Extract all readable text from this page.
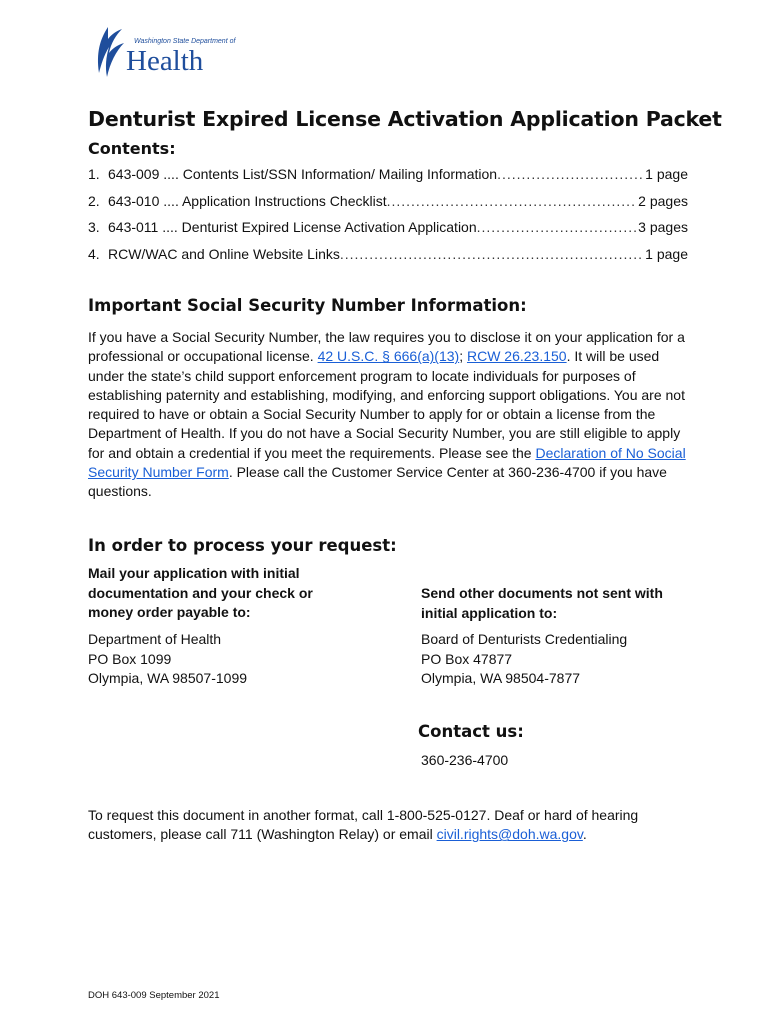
Washington State Department of
Health
Denturist Expired License Activation Application Packet
Contents:
1. 643-009 .... Contents List/SSN Information/ Mailing Information .....	1 page
2. 643-010 .... Application Instructions Checklist .....	2 pages
3. 643-011 .... Denturist Expired License Activation Application .....	3 pages
4. RCW/WAC and Online Website Links .....	1 page
Important Social Security Number Information:

If you have a Social Security Number, the law requires you to disclose it on your application for a professional or occupational license. 42 U.S.C. § 666(a)(13); RCW 26.23.150. It will be used under the state’s child support enforcement program to locate individuals for purposes of establishing paternity and establishing, modifying, and enforcing support obligations. You are not required to have or obtain a Social Security Number to apply for or obtain a license from the Department of Health. If you do not have a Social Security Number, you are still eligible to apply for and obtain a credential if you meet the requirements. Please see the Declaration of No Social Security Number Form. Please call the Customer Service Center at 360-236-4700 if you have questions.

In order to process your request:

Mail your application with initial documentation and your check or money order payable to:

Department of Health
PO Box 1099
Olympia, WA 98507-1099

Send other documents not sent with initial application to:

Board of Denturists Credentialing
PO Box 47877
Olympia, WA 98504-7877
Contact us:

360-236-4700

To request this document in another format, call 1-800-525-0127. Deaf or hard of hearing customers, please call 711 (Washington Relay) or email civil.rights@doh.wa.gov.

DOH 643-009 September 2021
